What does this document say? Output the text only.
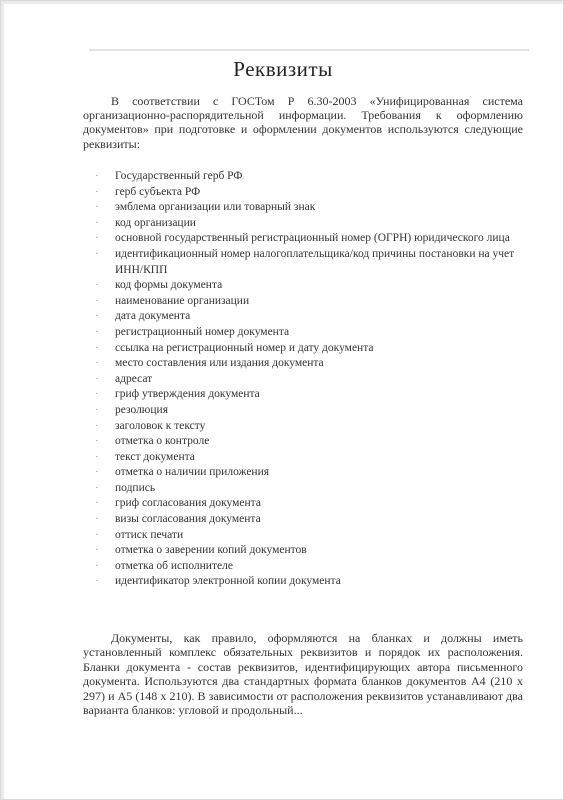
Реквизиты
В соответствии с ГОСТом Р 6.30-2003 «Унифицированная система организационно-распорядительной информации. Требования к оформлению документов» при подготовке и оформлении документов используются следующие реквизиты:
· Государственный герб РФ
· герб субъекта РФ
· эмблема организации или товарный знак
· код организации
· основной государственный регистрационный номер (ОГРН) юридического лица
· идентификационный номер налогоплательщика/код причины постановки на учет ИНН/КПП
· код формы документа
· наименование организации
· дата документа
· регистрационный номер документа
· ссылка на регистрационный номер и дату документа
· место составления или издания документа
· адресат
· гриф утверждения документа
· резолюция
· заголовок к тексту
· отметка о контроле
· текст документа
· отметка о наличии приложения
· подпись
· гриф согласования документа
· визы согласования документа
· оттиск печати
· отметка о заверении копий документов
· отметка об исполнителе
· идентификатор электронной копии документа
Документы, как правило, оформляются на бланках и должны иметь установленный комплекс обязательных реквизитов и порядок их расположения. Бланки документа - состав реквизитов, идентифицирующих автора письменного документа. Используются два стандартных формата бланков документов А4 (210 х 297) и А5 (148 х 210). В зависимости от расположения реквизитов устанавливают два варианта бланков: угловой и продольный...
